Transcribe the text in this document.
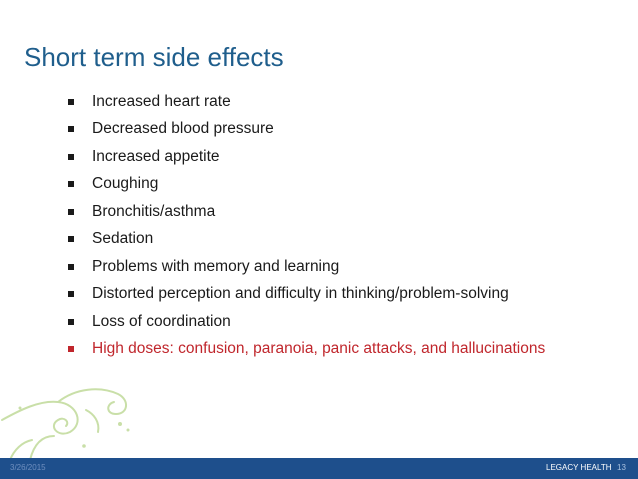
Short term side effects
Increased heart rate
Decreased blood pressure
Increased appetite
Coughing
Bronchitis/asthma
Sedation
Problems with memory and learning
Distorted perception and difficulty in thinking/problem-solving
Loss of coordination
High doses: confusion, paranoia, panic attacks, and hallucinations
3/26/2015	LEGACY HEALTH 13
